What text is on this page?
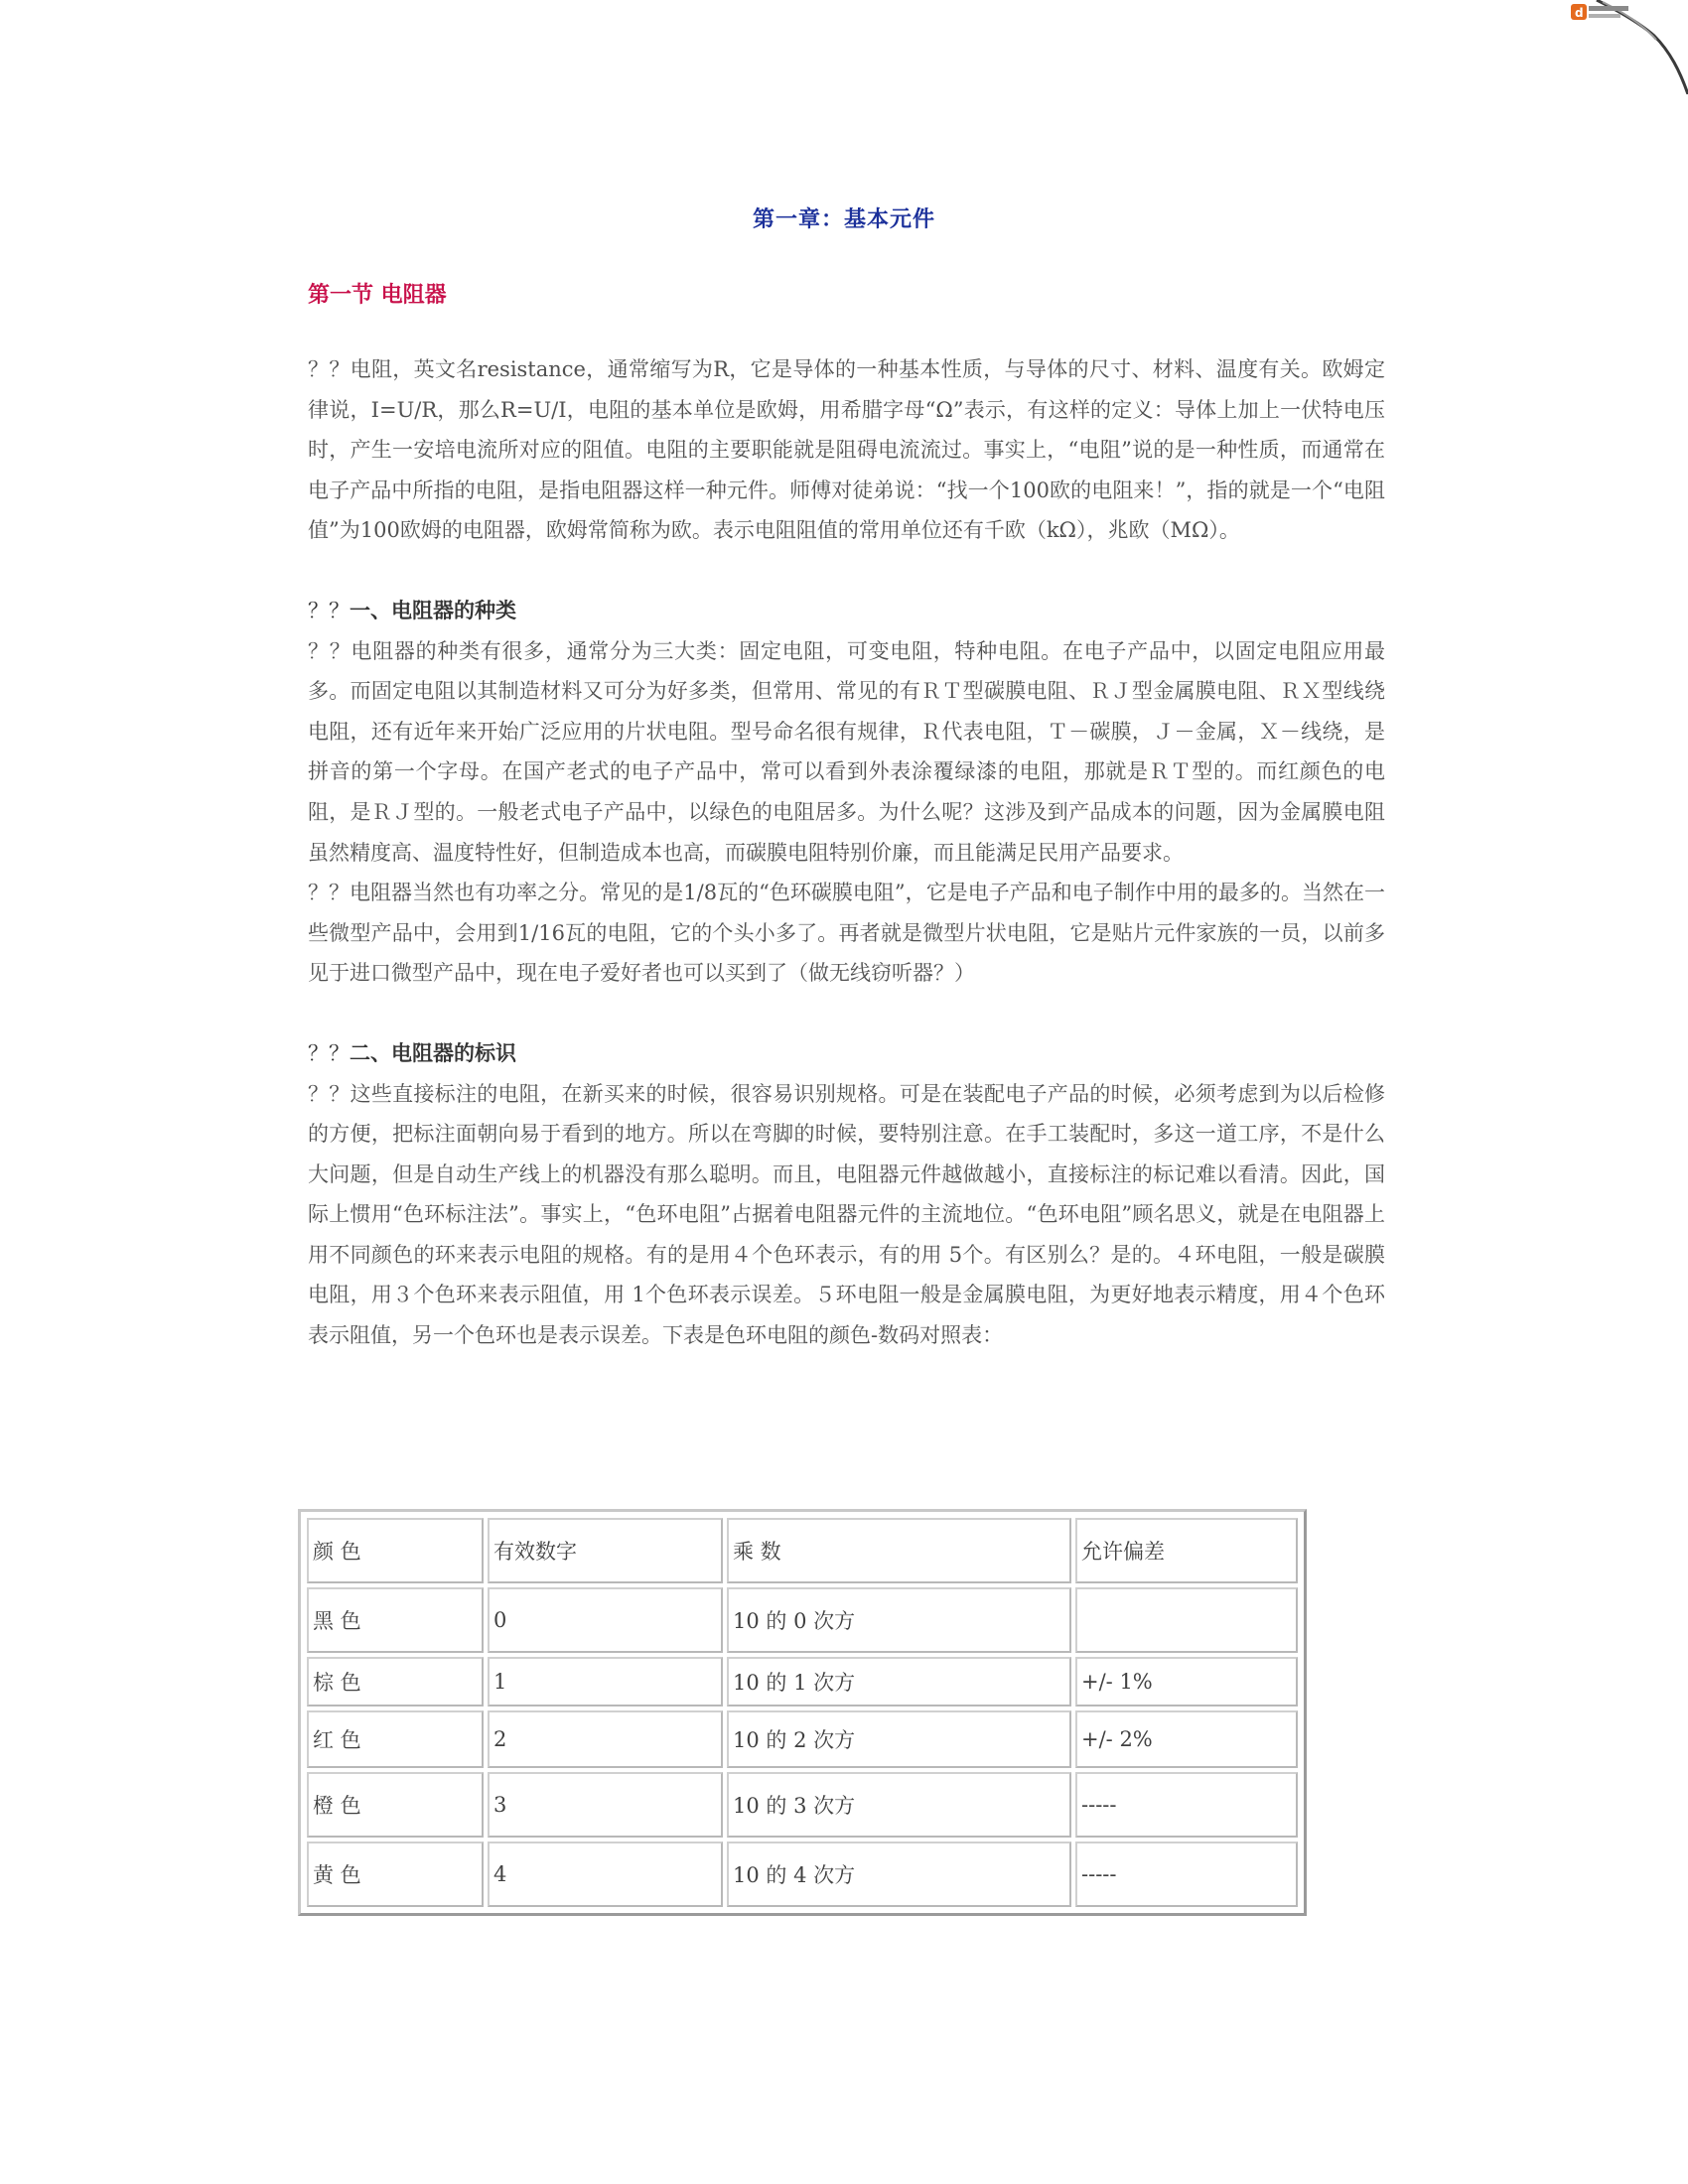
d
第一章：基本元件
第一节 电阻器

？？电阻，英文名resistance，通常缩写为R，它是导体的一种基本性质，与导体的尺寸、材料、温度有关。欧姆定律说，I=U/R，那么R=U/I，电阻的基本单位是欧姆，用希腊字母“Ω”表示，有这样的定义：导体上加上一伏特电压时，产生一安培电流所对应的阻值。电阻的主要职能就是阻碍电流流过。事实上，“电阻”说的是一种性质，而通常在电子产品中所指的电阻，是指电阻器这样一种元件。师傅对徒弟说：“找一个100欧的电阻来！”，指的就是一个“电阻值”为100欧姆的电阻器，欧姆常简称为欧。表示电阻阻值的常用单位还有千欧（kΩ），兆欧（MΩ）。

？？一、电阻器的种类

？？电阻器的种类有很多，通常分为三大类：固定电阻，可变电阻，特种电阻。在电子产品中，以固定电阻应用最多。而固定电阻以其制造材料又可分为好多类，但常用、常见的有ＲＴ型碳膜电阻、ＲＪ型金属膜电阻、ＲＸ型线绕电阻，还有近年来开始广泛应用的片状电阻。型号命名很有规律，Ｒ代表电阻，Ｔ－碳膜，Ｊ－金属，Ｘ－线绕，是拼音的第一个字母。在国产老式的电子产品中，常可以看到外表涂覆绿漆的电阻，那就是ＲＴ型的。而红颜色的电阻，是ＲＪ型的。一般老式电子产品中，以绿色的电阻居多。为什么呢？这涉及到产品成本的问题，因为金属膜电阻虽然精度高、温度特性好，但制造成本也高，而碳膜电阻特别价廉，而且能满足民用产品要求。

？？电阻器当然也有功率之分。常见的是1/8瓦的“色环碳膜电阻”，它是电子产品和电子制作中用的最多的。当然在一些微型产品中，会用到1/16瓦的电阻，它的个头小多了。再者就是微型片状电阻，它是贴片元件家族的一员，以前多见于进口微型产品中，现在电子爱好者也可以买到了（做无线窃听器？）

？？二、电阻器的标识

？？这些直接标注的电阻，在新买来的时候，很容易识别规格。可是在装配电子产品的时候，必须考虑到为以后检修的方便，把标注面朝向易于看到的地方。所以在弯脚的时候，要特别注意。在手工装配时，多这一道工序，不是什么大问题，但是自动生产线上的机器没有那么聪明。而且，电阻器元件越做越小，直接标注的标记难以看清。因此，国际上惯用“色环标注法”。事实上，“色环电阻”占据着电阻器元件的主流地位。“色环电阻”顾名思义，就是在电阻器上用不同颜色的环来表示电阻的规格。有的是用４个色环表示，有的用 5个。有区别么？是的。４环电阻，一般是碳膜电阻，用３个色环来表示阻值，用 1个色环表示误差。５环电阻一般是金属膜电阻，为更好地表示精度，用４个色环表示阻值，另一个色环也是表示误差。下表是色环电阻的颜色-数码对照表：

颜 色	有效数字	乘 数	允许偏差
黑 色	0	10 的 0 次方	
棕 色	1	10 的 1 次方	+/- 1%
红 色	2	10 的 2 次方	+/- 2%
橙 色	3	10 的 3 次方	-----
黄 色	4	10 的 4 次方	-----
